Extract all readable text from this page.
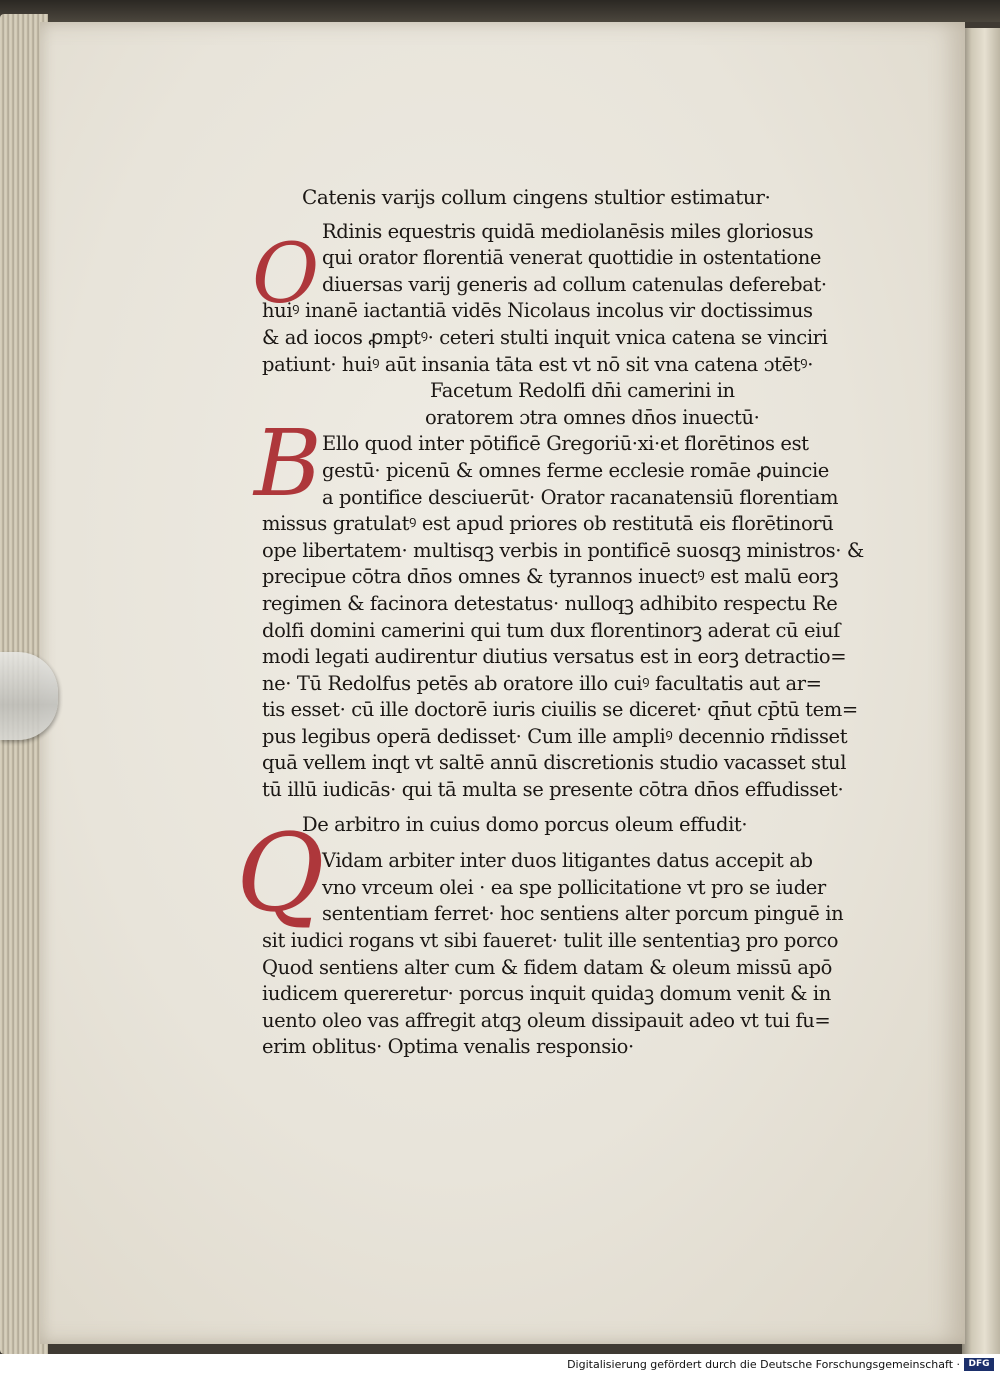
O
B
Q
Catenis varijs collum cingens stultior estimatur·
Rdinis equestris quidā mediolanēsis miles gloriosus
qui orator florentiā venerat quottidie in ostentatione
diuersas varij generis ad collum catenulas deferebat·
huiꝰ inanē iactantiā vidēs Nicolaus incolus vir doctissimus
& ad iocos ꝓmptꝰ· ceteri stulti inquit vnica catena se vinciri
patiunt· huiꝰ aūt insania tāta est vt nō sit vna catena ɔtētꝰ·
Facetum Redolfi dn̄i camerini in
oratorem ɔtra omnes dn̄os inuectū·
Ello quod inter pōtificē Gregoriū·xi·et florētinos est
gestū· picenū & omnes ferme ecclesie romāe ꝓuincie
a pontifice desciuerūt· Orator racanatensiū florentiam
missus gratulatꝰ est apud priores ob restitutā eis florētinorū
ope libertatem· multisqꝫ verbis in pontificē suosqꝫ ministros· &
precipue cōtra dn̄os omnes & tyrannos inuectꝰ est malū eorꝫ
regimen & facinora detestatus· nulloqꝫ adhibito respectu Re
dolfi domini camerini qui tum dux florentinorꝫ aderat cū eiuſ
modi legati audirentur diutius versatus est in eorꝫ detractio=
ne· Tū Redolfus petēs ab oratore illo cuiꝰ facultatis aut ar=
tis esset· cū ille doctorē iuris ciuilis se diceret· qn̄ut cp̄tū tem=
pus legibus operā dedisset· Cum ille ampliꝰ decennio rn̄disset
quā vellem inqt vt saltē annū discretionis studio vacasset stul
tū illū iudicās· qui tā multa se presente cōtra dn̄os effudisset·
De arbitro in cuius domo porcus oleum effudit·
Vidam arbiter inter duos litigantes datus accepit ab
vno vrceum olei · ea spe pollicitatione vt pro se iuder
sententiam ferret· hoc sentiens alter porcum pinguē in
sit iudici rogans vt sibi faueret· tulit ille sententiaꝫ pro porco
Quod sentiens alter cum & fidem datam & oleum missū apō
iudicem quereretur· porcus inquit quidaꝫ domum venit & in
uento oleo vas affregit atqꝫ oleum dissipauit adeo vt tui fu=
erim oblitus· Optima venalis responsio·
Digitalisierung gefördert durch die Deutsche Forschungsgemeinschaft · DFG
